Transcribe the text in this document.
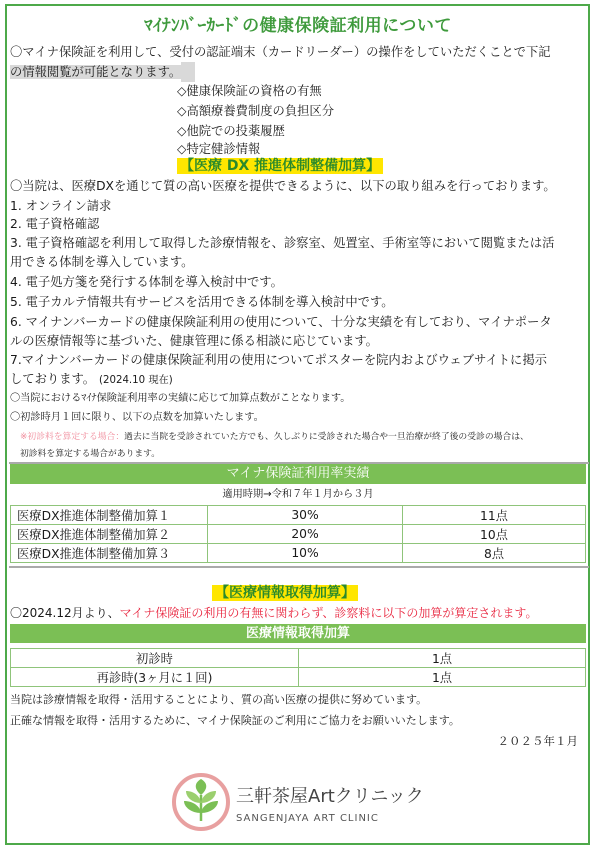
ﾏｲﾅﾝﾊﾞｰｶｰﾄﾞの健康保険証利用について
〇マイナ保険証を利用して、受付の認証端末（カードリーダー）の操作をしていただくことで下記
の情報閲覧が可能となります。
◇健康保険証の資格の有無
◇高額療養費制度の負担区分
◇他院での投薬履歴
◇特定健診情報
【医療 DX 推進体制整備加算】
〇当院は、医療DXを通じて質の高い医療を提供できるように、以下の取り組みを行っております。
1. オンライン請求
2. 電子資格確認
3. 電子資格確認を利用して取得した診療情報を、診察室、処置室、手術室等において閲覧または活
用できる体制を導入しています。
4. 電子処方箋を発行する体制を導入検討中です。
5. 電子カルテ情報共有サービスを活用できる体制を導入検討中です。
6. マイナンバーカードの健康保険証利用の使用について、十分な実績を有しており、マイナポータ
ルの医療情報等に基づいた、健康管理に係る相談に応じています。
7.マイナンバーカードの健康保険証利用の使用についてポスターを院内およびウェブサイトに掲示
しております。 (2024.10 現在)
〇当院におけるﾏｲﾅ保険証利用率の実績に応じて加算点数がことなります。
〇初診時月１回に限り、以下の点数を加算いたします。
※初診料を算定する場合：過去に当院を受診されていた方でも、久しぶりに受診された場合や一旦治療が終了後の受診の場合は、
初診料を算定する場合があります。
マイナ保険証利用率実績
適用時期→令和７年１月から３月
医療DX推進体制整備加算１	30%	11点
医療DX推進体制整備加算２	20%	10点
医療DX推進体制整備加算３	10%	8点
【医療情報取得加算】
〇2024.12月より、マイナ保険証の利用の有無に関わらず、診察料に以下の加算が算定されます。
医療情報取得加算
初診時	1点
再診時(3ヶ月に１回)	1点
当院は診療情報を取得・活用することにより、質の高い医療の提供に努めています。
正確な情報を取得・活用するために、マイナ保険証のご利用にご協力をお願いいたします。
２０２５年１月
三軒茶屋Artクリニック
SANGENJAYA ART CLINIC
